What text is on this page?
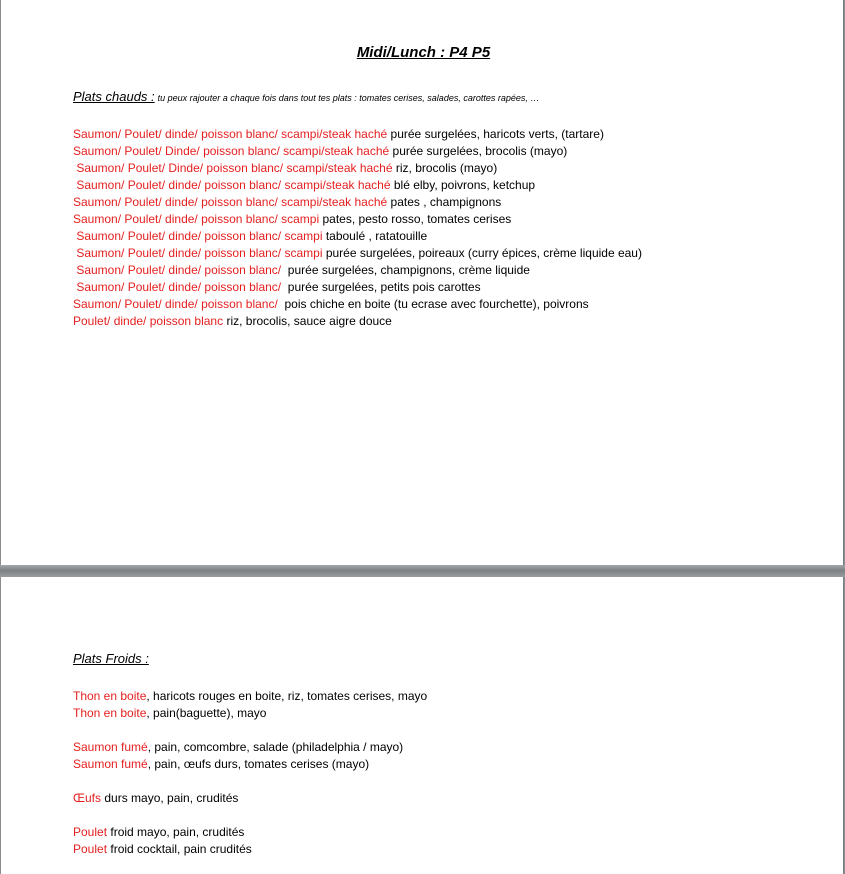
Midi/Lunch : P4 P5
Plats chauds : tu peux rajouter a chaque fois dans tout tes plats : tomates cerises, salades, carottes rapées, …
Saumon/ Poulet/ dinde/ poisson blanc/ scampi/steak haché purée surgelées, haricots verts, (tartare)
Saumon/ Poulet/ Dinde/ poisson blanc/ scampi/steak haché purée surgelées, brocolis (mayo)
Saumon/ Poulet/ Dinde/ poisson blanc/ scampi/steak haché riz, brocolis (mayo)
Saumon/ Poulet/ dinde/ poisson blanc/ scampi/steak haché blé elby, poivrons, ketchup
Saumon/ Poulet/ dinde/ poisson blanc/ scampi/steak haché pates , champignons
Saumon/ Poulet/ dinde/ poisson blanc/ scampi pates, pesto rosso, tomates cerises
Saumon/ Poulet/ dinde/ poisson blanc/ scampi taboulé , ratatouille
Saumon/ Poulet/ dinde/ poisson blanc/ scampi purée surgelées, poireaux (curry épices, crème liquide eau)
Saumon/ Poulet/ dinde/ poisson blanc/  purée surgelées, champignons, crème liquide
Saumon/ Poulet/ dinde/ poisson blanc/  purée surgelées, petits pois carottes
Saumon/ Poulet/ dinde/ poisson blanc/  pois chiche en boite (tu ecrase avec fourchette), poivrons
Poulet/ dinde/ poisson blanc riz, brocolis, sauce aigre douce
Plats Froids :
Thon en boite, haricots rouges en boite, riz, tomates cerises, mayo
Thon en boite, pain(baguette), mayo
Saumon fumé, pain, comcombre, salade (philadelphia / mayo)
Saumon fumé, pain, œufs durs, tomates cerises (mayo)
Œufs durs mayo, pain, crudités
Poulet froid mayo, pain, crudités
Poulet froid cocktail, pain crudités
